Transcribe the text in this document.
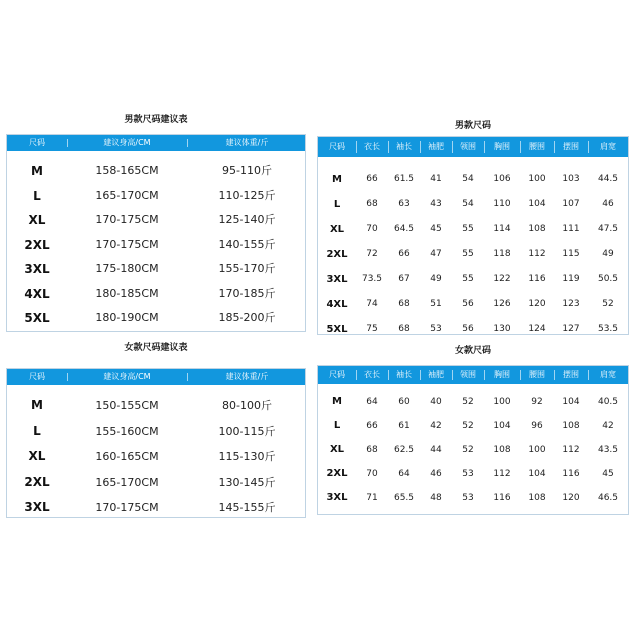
男款尺码建议表
尺码	建议身高/CM	建议体重/斤
M	158-165CM	95-110斤
L	165-170CM	110-125斤
XL	170-175CM	125-140斤
2XL	170-175CM	140-155斤
3XL	175-180CM	155-170斤
4XL	180-185CM	170-185斤
5XL	180-190CM	185-200斤
女款尺码建议表
尺码	建议身高/CM	建议体重/斤
M	150-155CM	80-100斤
L	155-160CM	100-115斤
XL	160-165CM	115-130斤
2XL	165-170CM	130-145斤
3XL	170-175CM	145-155斤
男款尺码
尺码	衣长	袖长	袖肥	领围	胸围	腰围	摆围	肩宽
M	66	61.5	41	54	106	100	103	44.5
L	68	63	43	54	110	104	107	46
XL	70	64.5	45	55	114	108	111	47.5
2XL	72	66	47	55	118	112	115	49
3XL	73.5	67	49	55	122	116	119	50.5
4XL	74	68	51	56	126	120	123	52
5XL	75	68	53	56	130	124	127	53.5
女款尺码
尺码	衣长	袖长	袖肥	领围	胸围	腰围	摆围	肩宽
M	64	60	40	52	100	92	104	40.5
L	66	61	42	52	104	96	108	42
XL	68	62.5	44	52	108	100	112	43.5
2XL	70	64	46	53	112	104	116	45
3XL	71	65.5	48	53	116	108	120	46.5
